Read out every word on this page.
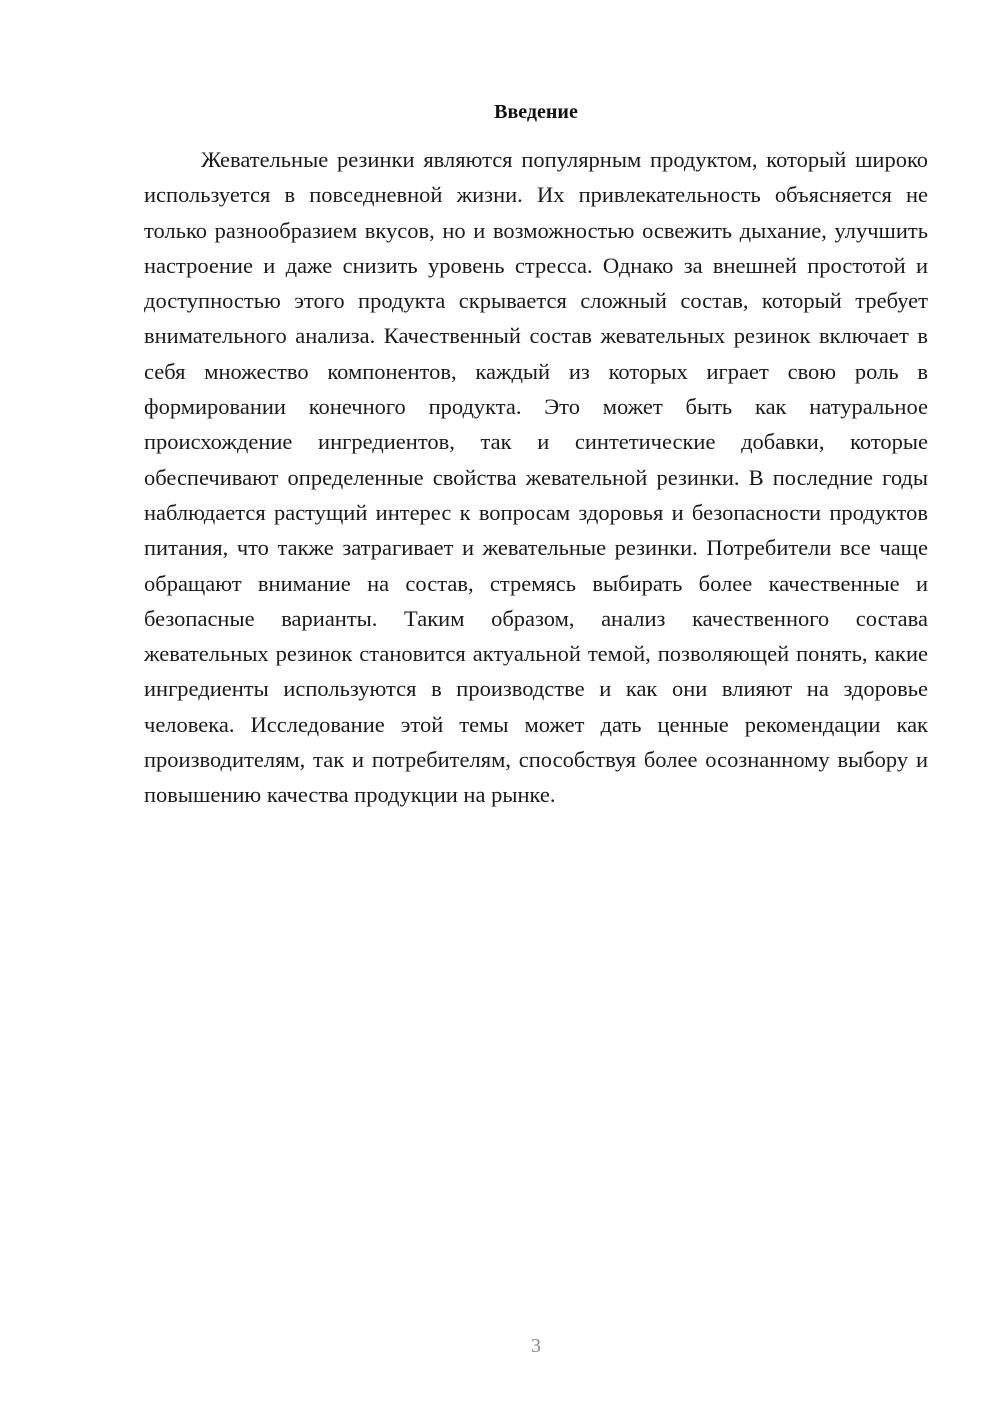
Введение

Жевательные резинки являются популярным продуктом, который широко используется в повседневной жизни. Их привлекательность объясняется не только разнообразием вкусов, но и возможностью освежить дыхание, улучшить настроение и даже снизить уровень стресса. Однако за внешней простотой и доступностью этого продукта скрывается сложный состав, который требует внимательного анализа. Качественный состав жевательных резинок включает в себя множество компонентов, каждый из которых играет свою роль в формировании конечного продукта. Это может быть как натуральное происхождение ингредиентов, так и синтетические добавки, которые обеспечивают определенные свойства жевательной резинки. В последние годы наблюдается растущий интерес к вопросам здоровья и безопасности продуктов питания, что также затрагивает и жевательные резинки. Потребители все чаще обращают внимание на состав, стремясь выбирать более качественные и безопасные варианты. Таким образом, анализ качественного состава жевательных резинок становится актуальной темой, позволяющей понять, какие ингредиенты используются в производстве и как они влияют на здоровье человека. Исследование этой темы может дать ценные рекомендации как производителям, так и потребителям, способствуя более осознанному выбору и повышению качества продукции на рынке.

3
